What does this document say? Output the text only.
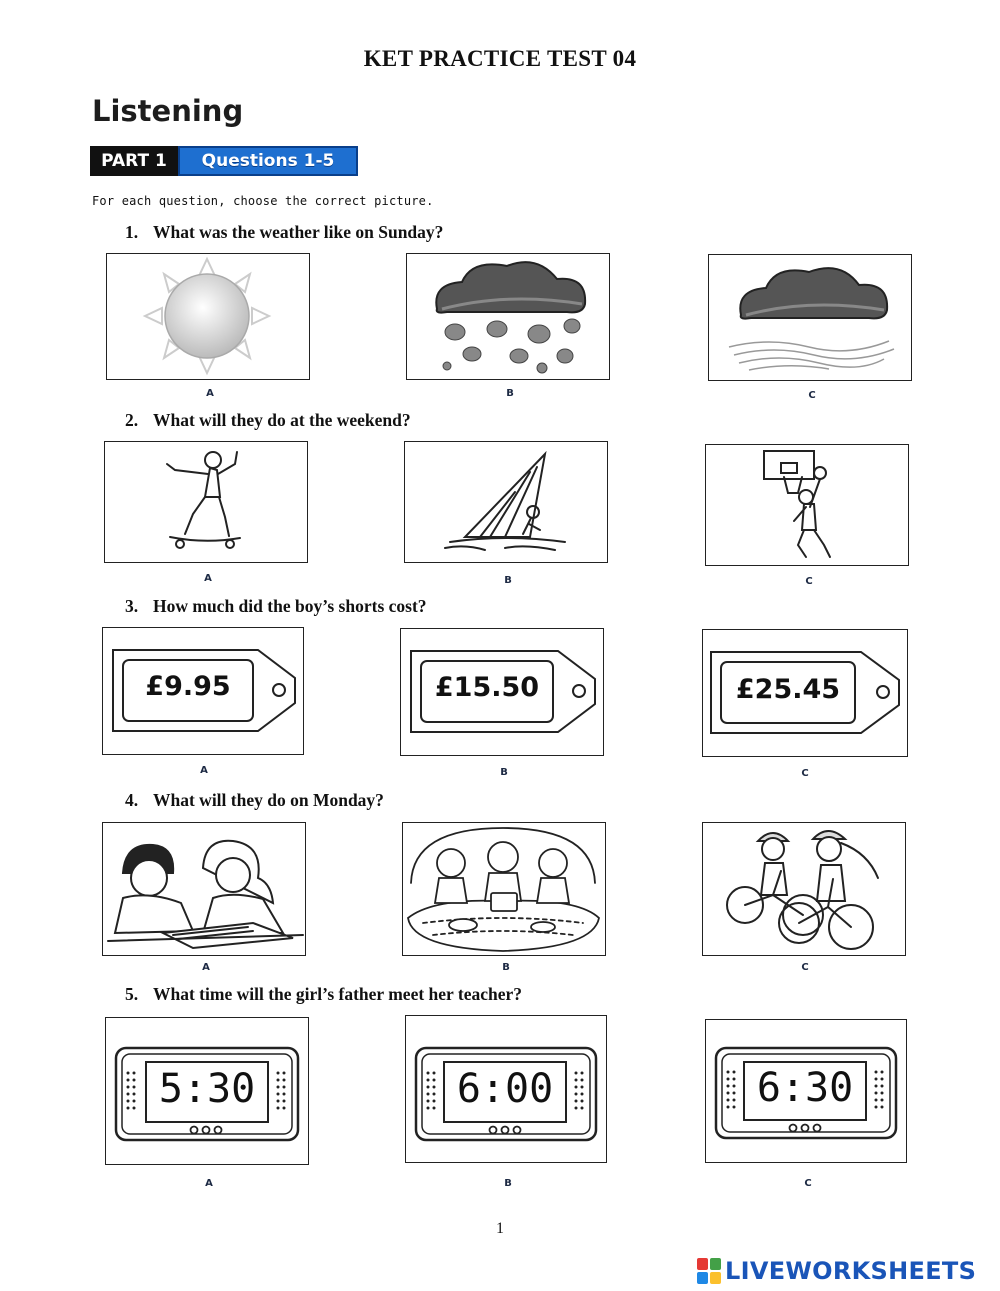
KET PRACTICE TEST 04
Listening
PART 1	Questions 1-5
For each question, choose the correct picture.
1. What was the weather like on Sunday?
A	B	C
2. What will they do at the weekend?
A	B	C
3. How much did the boy’s shorts cost?
£9.95
A
£15.50
B
£25.45
C
4. What will they do on Monday?
A	B	C
5. What time will the girl’s father meet her teacher?
5:30
A
6:00
B
6:30
C
1
LIVEWORKSHEETS
